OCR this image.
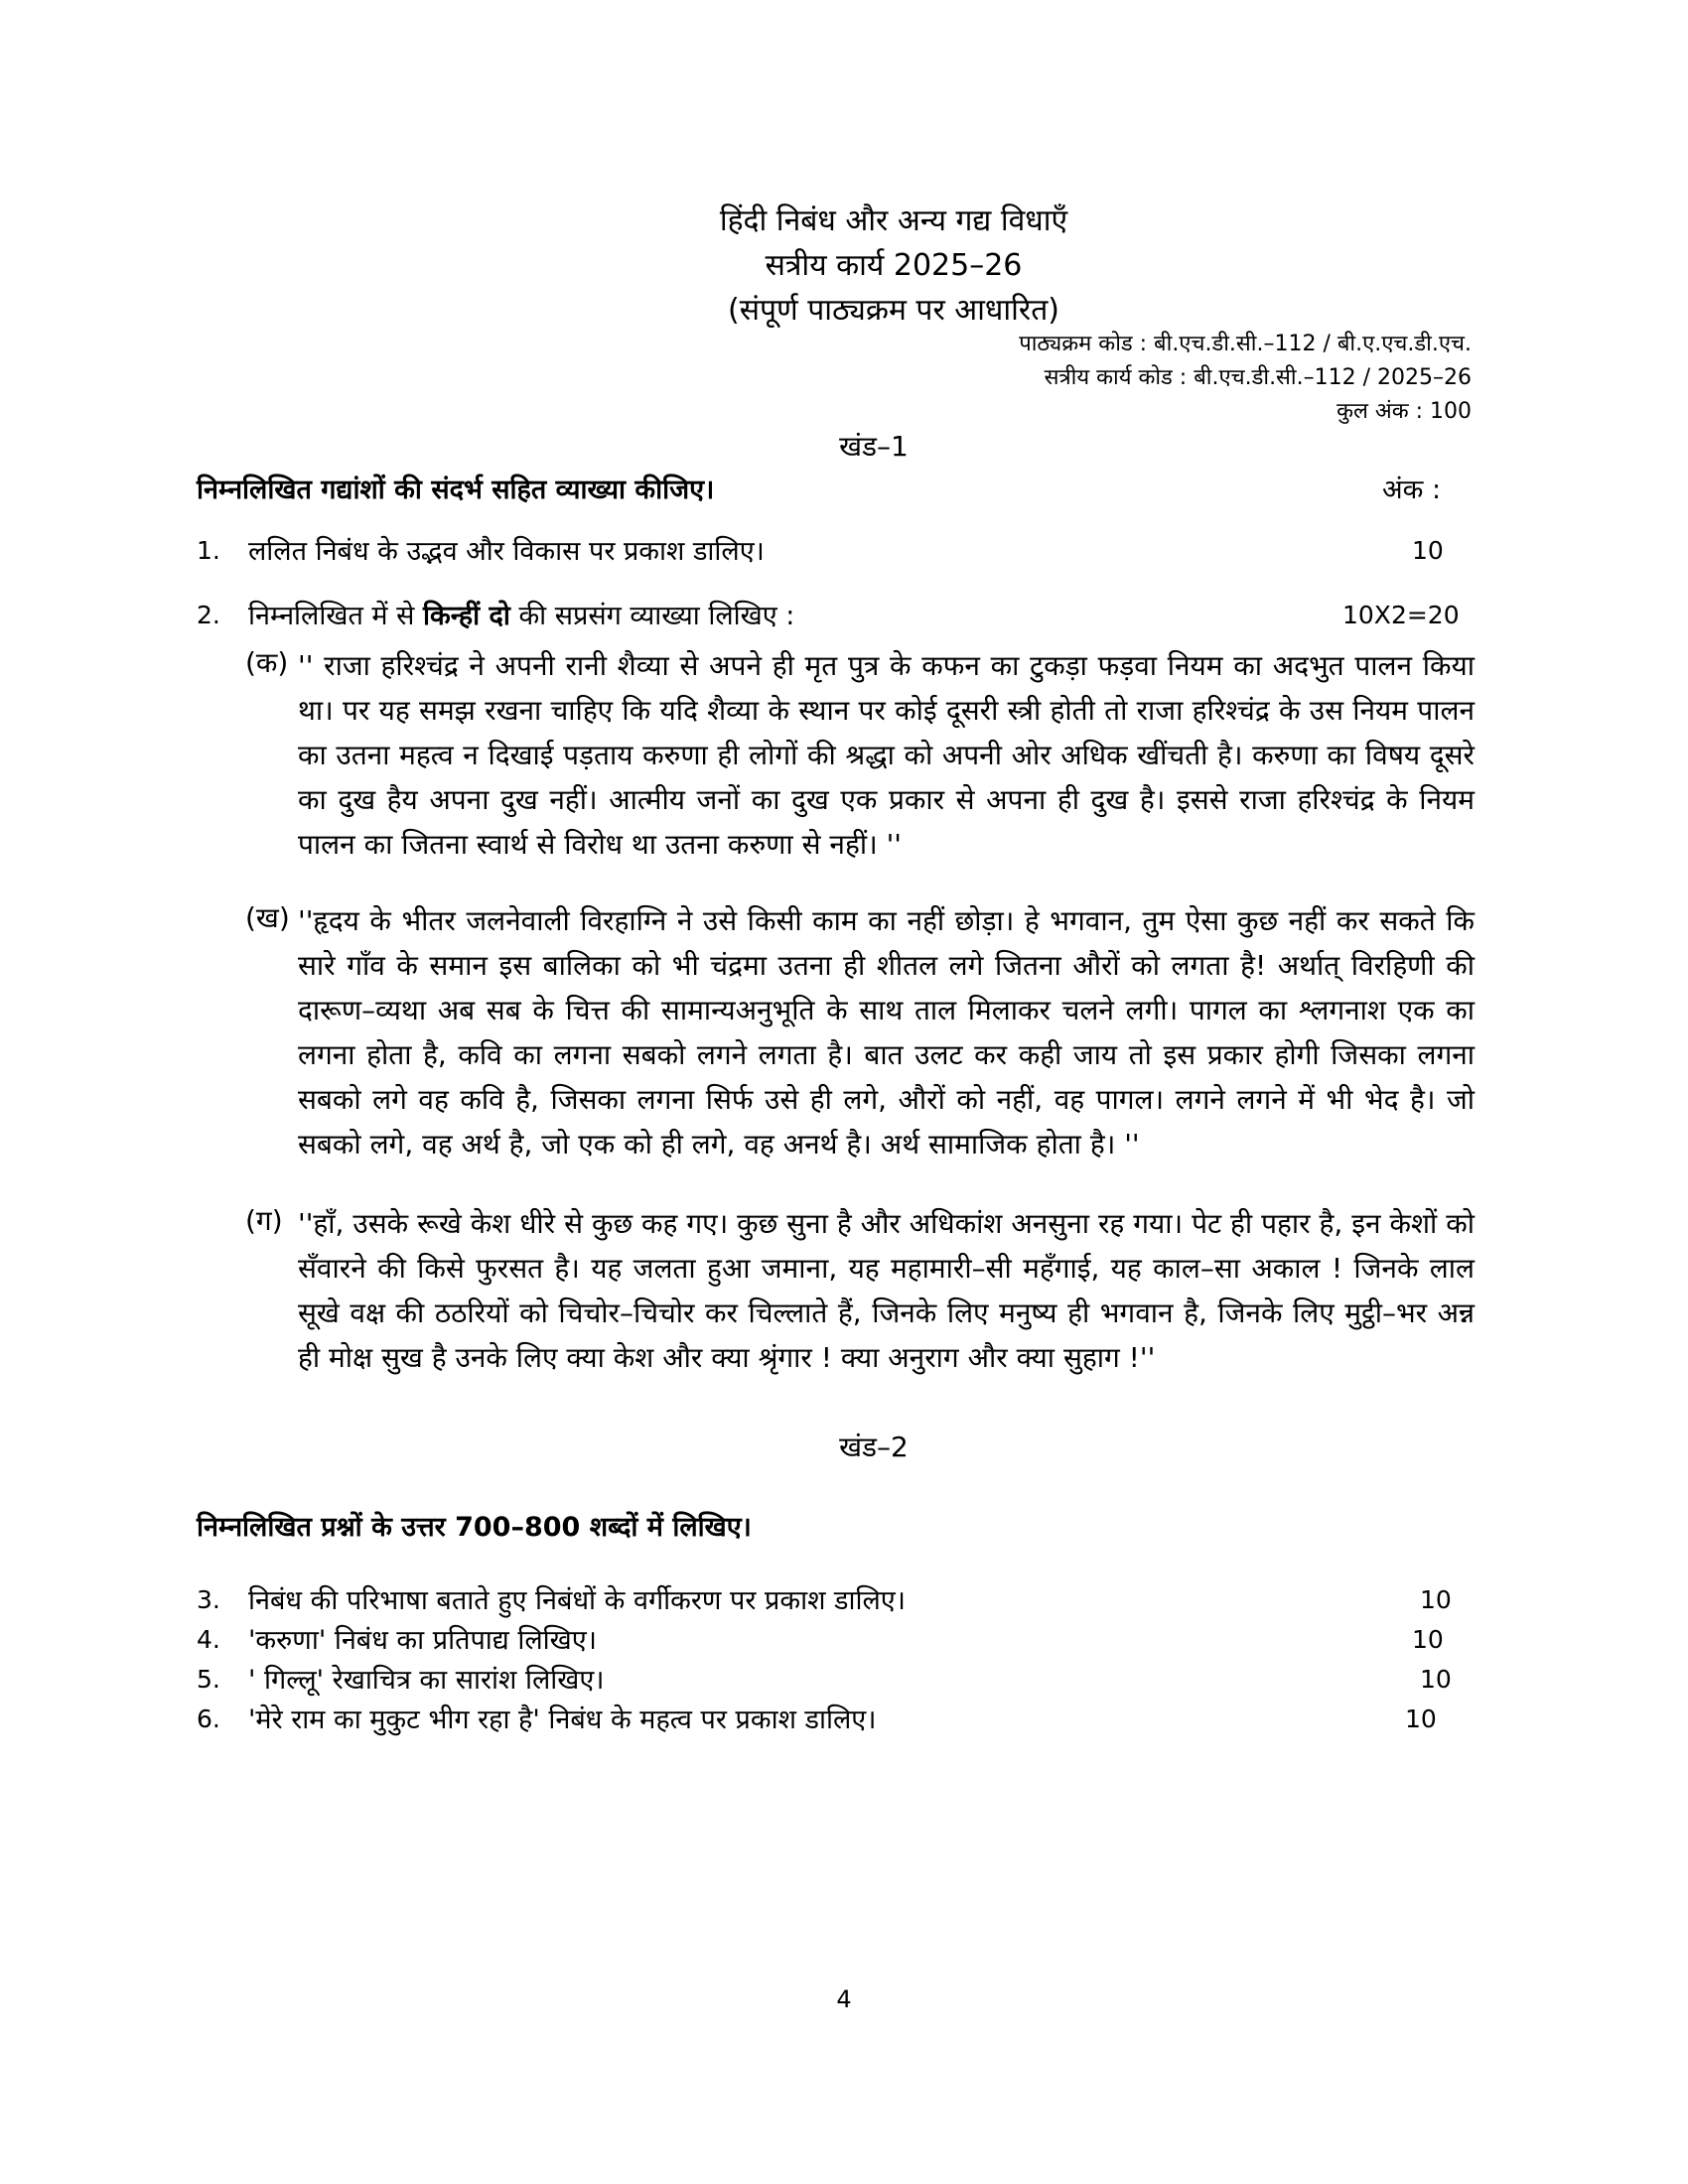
हिंदी निबंध और अन्य गद्य विधाएँ
सत्रीय कार्य 2025–26
(संपूर्ण पाठ्यक्रम पर आधारित)
पाठ्यक्रम कोड : बी.एच.डी.सी.–112 / बी.ए.एच.डी.एच.
सत्रीय कार्य कोड : बी.एच.डी.सी.–112 / 2025–26
कुल अंक : 100
खंड–1
निम्नलिखित गद्यांशों की संदर्भ सहित व्याख्या कीजिए।	अंक :
1. ललित निबंध के उद्भव और विकास पर प्रकाश डालिए।	10
2. निम्नलिखित में से किन्हीं दो की सप्रसंग व्याख्या लिखिए :	10X2=20
(क) '' राजा हरिश्चंद्र ने अपनी रानी शैव्या से अपने ही मृत पुत्र के कफन का टुकड़ा फड़वा नियम का अदभुत पालन किया था। पर यह समझ रखना चाहिए कि यदि शैव्या के स्थान पर कोई दूसरी स्त्री होती तो राजा हरिश्चंद्र के उस नियम पालन का उतना महत्व न दिखाई पड़ताय करुणा ही लोगों की श्रद्धा को अपनी ओर अधिक खींचती है। करुणा का विषय दूसरे का दुख हैय अपना दुख नहीं। आत्मीय जनों का दुख एक प्रकार से अपना ही दुख है। इससे राजा हरिश्चंद्र के नियम पालन का जितना स्वार्थ से विरोध था उतना करुणा से नहीं। ''
(ख) ''हृदय के भीतर जलनेवाली विरहाग्नि ने उसे किसी काम का नहीं छोड़ा। हे भगवान, तुम ऐसा कुछ नहीं कर सकते कि सारे गाँव के समान इस बालिका को भी चंद्रमा उतना ही शीतल लगे जितना औरों को लगता है! अर्थात् विरहिणी की दारूण–व्यथा अब सब के चित्त की सामान्यअनुभूति के साथ ताल मिलाकर चलने लगी। पागल का श्लगनाश एक का लगना होता है, कवि का लगना सबको लगने लगता है। बात उलट कर कही जाय तो इस प्रकार होगी जिसका लगना सबको लगे वह कवि है, जिसका लगना सिर्फ उसे ही लगे, औरों को नहीं, वह पागल। लगने लगने में भी भेद है। जो सबको लगे, वह अर्थ है, जो एक को ही लगे, वह अनर्थ है। अर्थ सामाजिक होता है। ''
(ग) ''हाँ, उसके रूखे केश धीरे से कुछ कह गए। कुछ सुना है और अधिकांश अनसुना रह गया। पेट ही पहार है, इन केशों को सँवारने की किसे फुरसत है। यह जलता हुआ जमाना, यह महामारी–सी महँगाई, यह काल–सा अकाल ! जिनके लाल सूखे वक्ष की ठठरियों को चिचोर–चिचोर कर चिल्लाते हैं, जिनके लिए मनुष्य ही भगवान है, जिनके लिए मुट्ठी–भर अन्न ही मोक्ष सुख है उनके लिए क्या केश और क्या श्रृंगार ! क्या अनुराग और क्या सुहाग !''
खंड–2
निम्नलिखित प्रश्नों के उत्तर 700–800 शब्दों में लिखिए।
3. निबंध की परिभाषा बताते हुए निबंधों के वर्गीकरण पर प्रकाश डालिए।	10
4. 'करुणा' निबंध का प्रतिपाद्य लिखिए।	10
5. ' गिल्लू' रेखाचित्र का सारांश लिखिए।	10
6. 'मेरे राम का मुकुट भीग रहा है' निबंध के महत्व पर प्रकाश डालिए।	10
4
